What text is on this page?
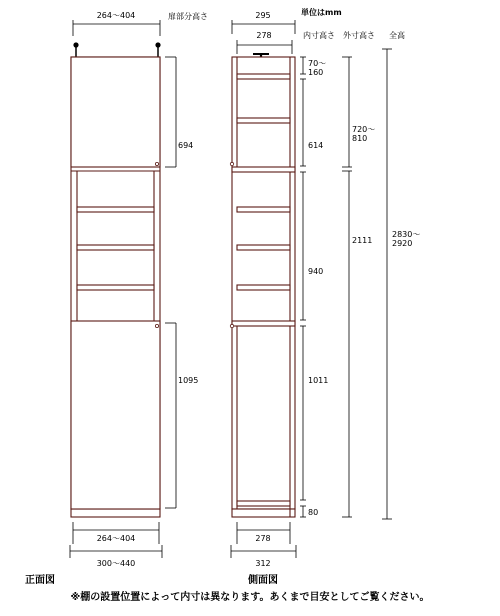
264〜404	扉部分高さ
694
1095
264〜404
300〜440
正面図
単位はmm
295
278	内寸高さ 外寸高さ 全高
70〜 160
614
940
1011
80
720〜 810
2111
2830〜 2920
278
312
側面図
※棚の設置位置によって内寸は異なります。あくまで目安としてご覧ください。
